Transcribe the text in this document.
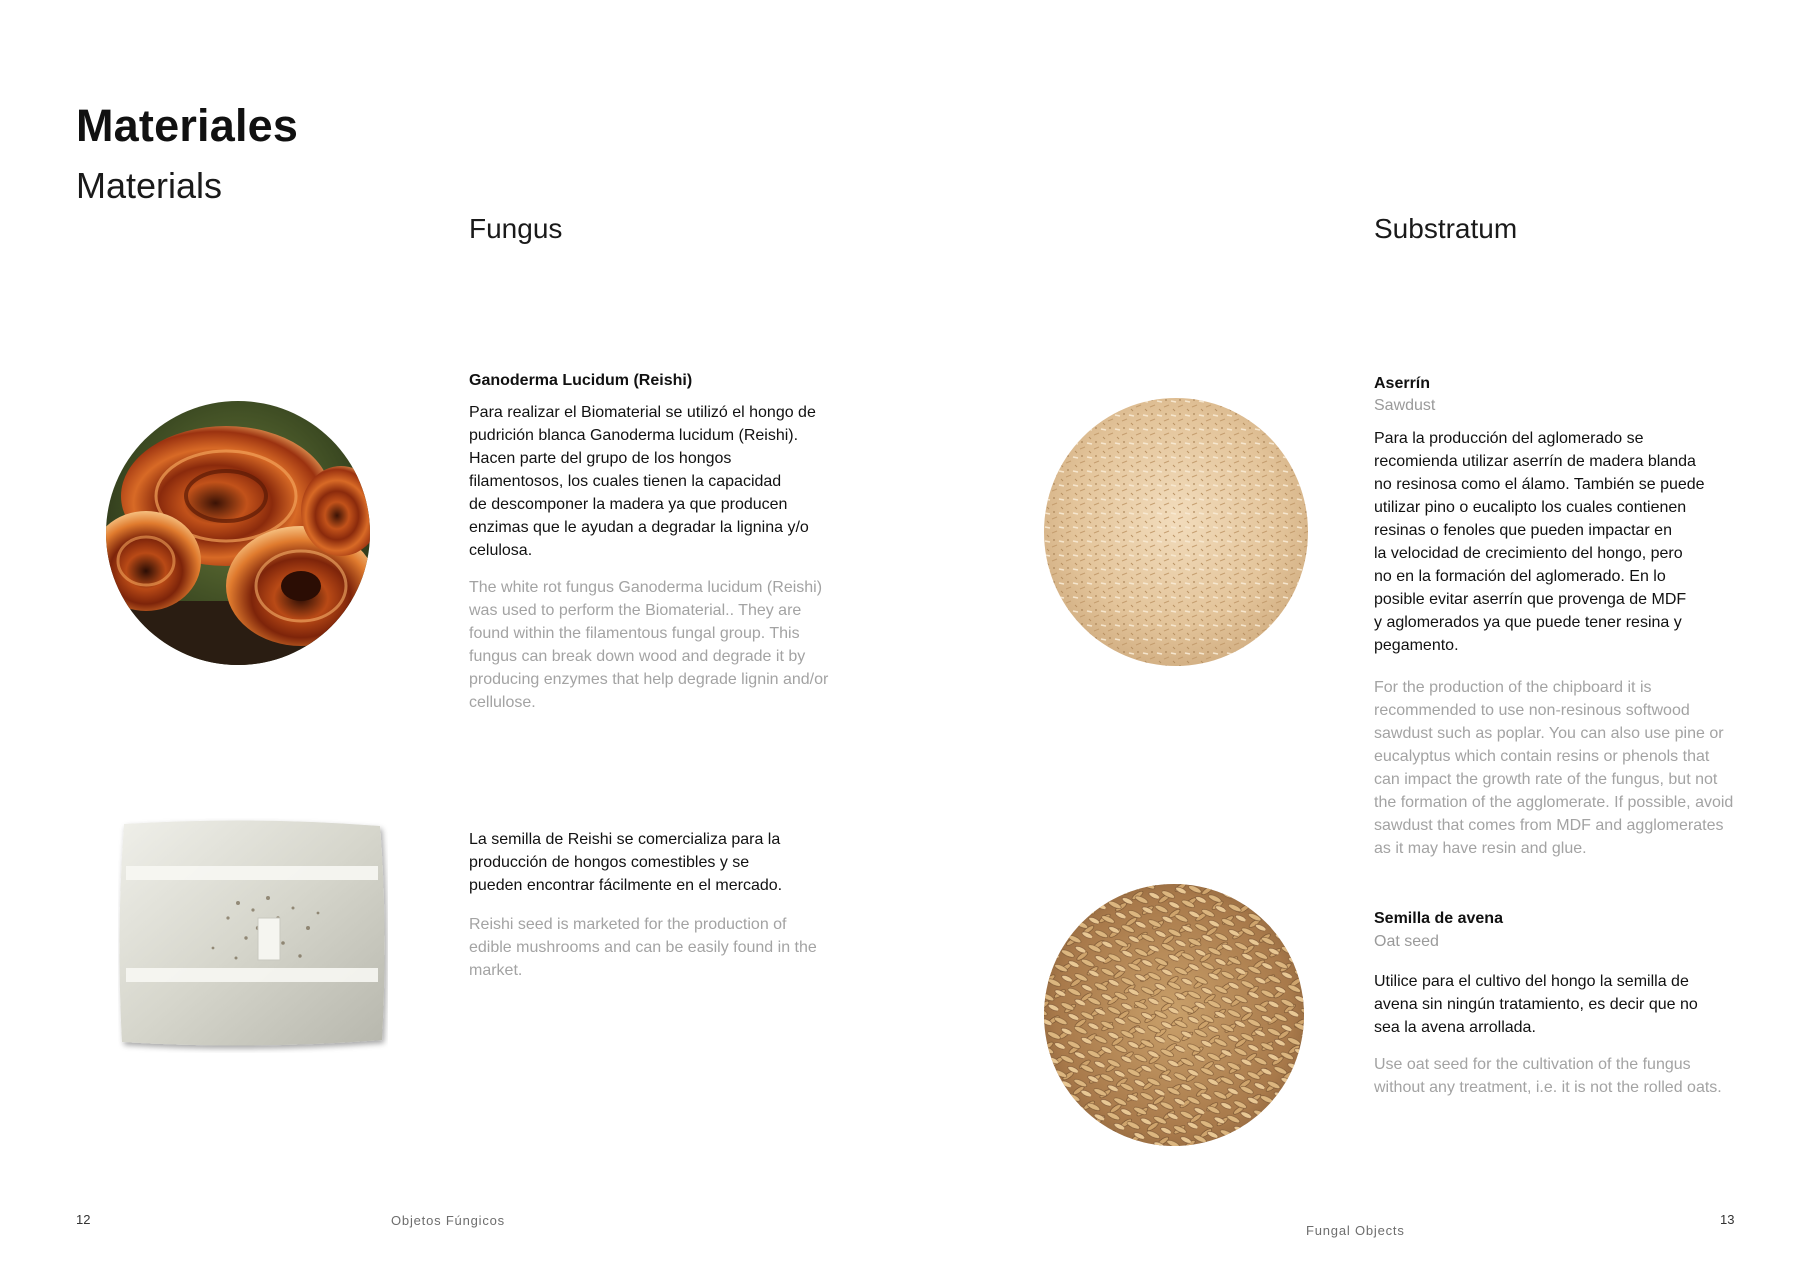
Materiales
Materials
Fungus	Substratum
Ganoderma Lucidum (Reishi)
Para realizar el Biomaterial se utilizó el hongo de
pudrición blanca Ganoderma lucidum (Reishi).
Hacen parte del grupo de los hongos
filamentosos, los cuales tienen la capacidad
de descomponer la madera ya que producen
enzimas que le ayudan a degradar la lignina y/o
celulosa.
The white rot fungus Ganoderma lucidum (Reishi)
was used to perform the Biomaterial.. They are
found within the filamentous fungal group. This
fungus can break down wood and degrade it by
producing enzymes that help degrade lignin and/or
cellulose.
La semilla de Reishi se comercializa para la
producción de hongos comestibles y se
pueden encontrar fácilmente en el mercado.
Reishi seed is marketed for the production of
edible mushrooms and can be easily found in the
market.
Aserrín
Sawdust
Para la producción del aglomerado se
recomienda utilizar aserrín de madera blanda
no resinosa como el álamo. También se puede
utilizar pino o eucalipto los cuales contienen
resinas o fenoles que pueden impactar en
la velocidad de crecimiento del hongo, pero
no en la formación del aglomerado. En lo
posible evitar aserrín que provenga de MDF
y aglomerados ya que puede tener resina y
pegamento.
For the production of the chipboard it is
recommended to use non-resinous softwood
sawdust such as poplar. You can also use pine or
eucalyptus which contain resins or phenols that
can impact the growth rate of the fungus, but not
the formation of the agglomerate. If possible, avoid
sawdust that comes from MDF and agglomerates
as it may have resin and glue.
Semilla de avena
Oat seed
Utilice para el cultivo del hongo la semilla de
avena sin ningún tratamiento, es decir que no
sea la avena arrollada.
Use oat seed for the cultivation of the fungus
without any treatment, i.e. it is not the rolled oats.
12	Objetos Fúngicos
Fungal Objects
13
